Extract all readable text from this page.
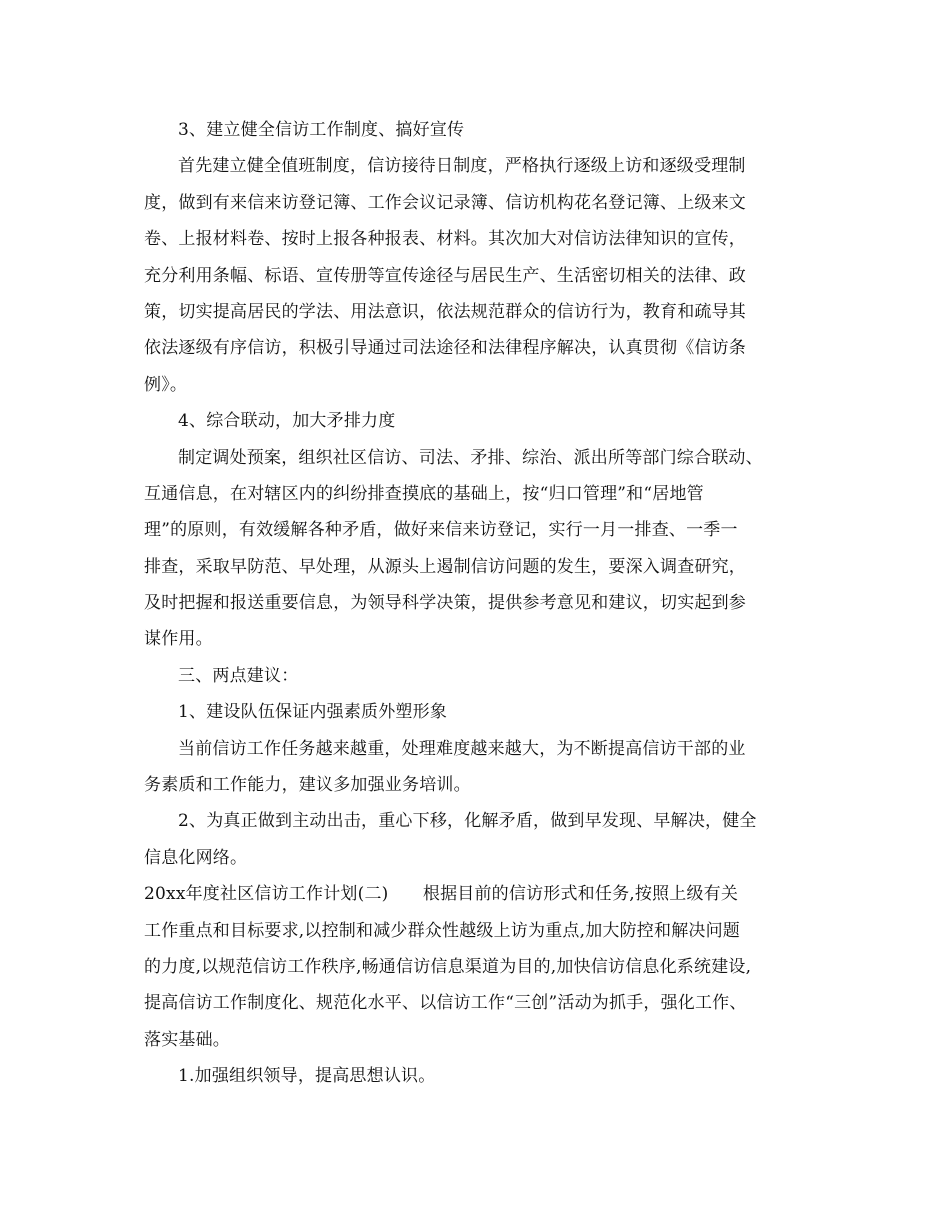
3、建立健全信访工作制度、搞好宣传
首先建立健全值班制度，信访接待日制度，严格执行逐级上访和逐级受理制
度，做到有来信来访登记簿、工作会议记录簿、信访机构花名登记簿、上级来文
卷、上报材料卷、按时上报各种报表、材料。其次加大对信访法律知识的宣传，
充分利用条幅、标语、宣传册等宣传途径与居民生产、生活密切相关的法律、政
策，切实提高居民的学法、用法意识，依法规范群众的信访行为，教育和疏导其
依法逐级有序信访，积极引导通过司法途径和法律程序解决，认真贯彻《信访条
例》。
4、综合联动，加大矛排力度
制定调处预案，组织社区信访、司法、矛排、综治、派出所等部门综合联动、
互通信息，在对辖区内的纠纷排查摸底的基础上，按“归口管理”和“居地管
理”的原则，有效缓解各种矛盾，做好来信来访登记，实行一月一排查、一季一
排查，采取早防范、早处理，从源头上遏制信访问题的发生，要深入调查研究，
及时把握和报送重要信息，为领导科学决策，提供参考意见和建议，切实起到参
谋作用。
三、两点建议：
1、建设队伍保证内强素质外塑形象
当前信访工作任务越来越重，处理难度越来越大，为不断提高信访干部的业
务素质和工作能力，建议多加强业务培训。
2、为真正做到主动出击，重心下移，化解矛盾，做到早发现、早解决，健全
信息化网络。
20xx年度社区信访工作计划(二)　　根据目前的信访形式和任务,按照上级有关
工作重点和目标要求,以控制和减少群众性越级上访为重点,加大防控和解决问题
的力度,以规范信访工作秩序,畅通信访信息渠道为目的,加快信访信息化系统建设,
提高信访工作制度化、规范化水平、以信访工作“三创”活动为抓手，强化工作、
落实基础。
1.加强组织领导，提高思想认识。
